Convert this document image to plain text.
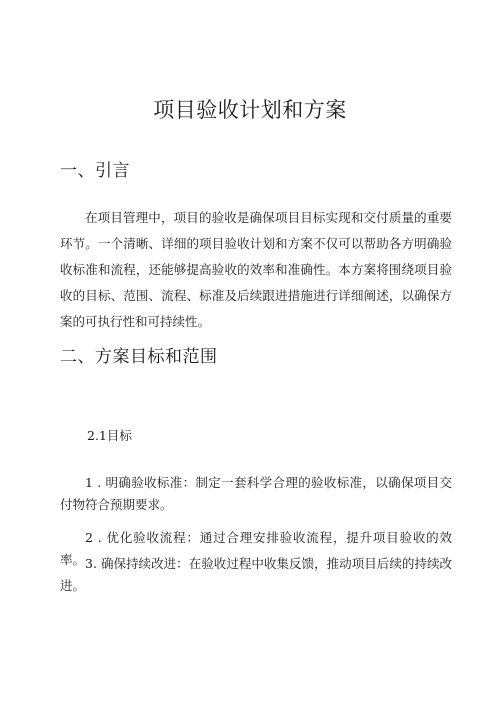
项目验收计划和方案
一、引言
在项目管理中，项目的验收是确保项目目标实现和交付质量的重要环节。一个清晰、详细的项目验收计划和方案不仅可以帮助各方明确验收标准和流程，还能够提高验收的效率和准确性。本方案将围绕项目验收的目标、范围、流程、标准及后续跟进措施进行详细阐述，以确保方案的可执行性和可持续性。
二、方案目标和范围
2.1目标
1 . 明确验收标准：制定一套科学合理的验收标准，以确保项目交付物符合预期要求。
2 . 优化验收流程：通过合理安排验收流程，提升项目验收的效率。 3. 确保持续改进：在验收过程中收集反馈，推动项目后续的持续改进。
